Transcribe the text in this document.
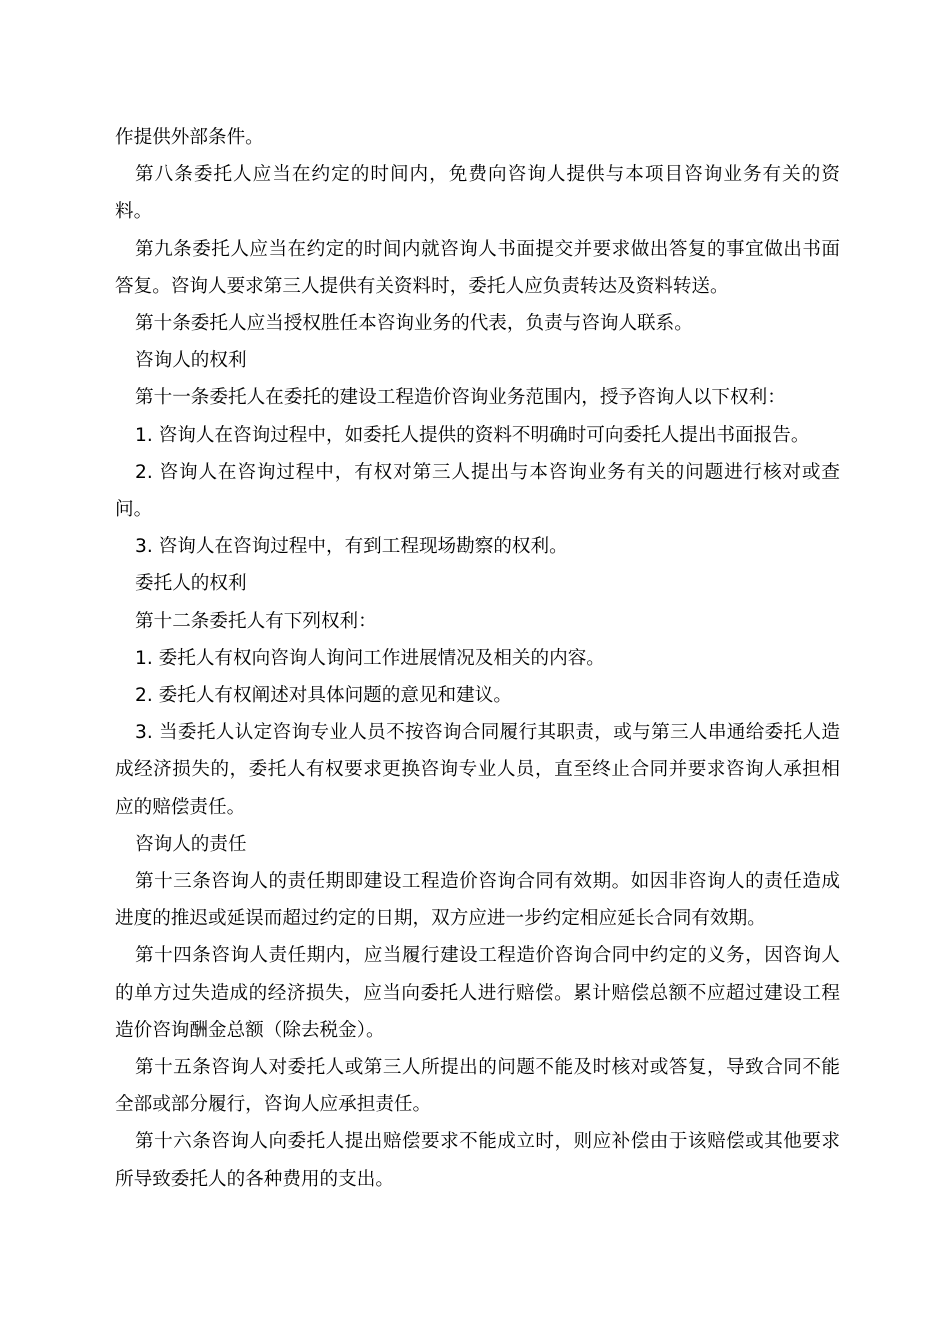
作提供外部条件。

第八条委托人应当在约定的时间内，免费向咨询人提供与本项目咨询业务有关的资料。

第九条委托人应当在约定的时间内就咨询人书面提交并要求做出答复的事宜做出书面答复。咨询人要求第三人提供有关资料时，委托人应负责转达及资料转送。

第十条委托人应当授权胜任本咨询业务的代表，负责与咨询人联系。

咨询人的权利

第十一条委托人在委托的建设工程造价咨询业务范围内，授予咨询人以下权利：

1. 咨询人在咨询过程中，如委托人提供的资料不明确时可向委托人提出书面报告。

2. 咨询人在咨询过程中，有权对第三人提出与本咨询业务有关的问题进行核对或查问。

3. 咨询人在咨询过程中，有到工程现场勘察的权利。

委托人的权利

第十二条委托人有下列权利：

1. 委托人有权向咨询人询问工作进展情况及相关的内容。

2. 委托人有权阐述对具体问题的意见和建议。

3. 当委托人认定咨询专业人员不按咨询合同履行其职责，或与第三人串通给委托人造成经济损失的，委托人有权要求更换咨询专业人员，直至终止合同并要求咨询人承担相应的赔偿责任。

咨询人的责任

第十三条咨询人的责任期即建设工程造价咨询合同有效期。如因非咨询人的责任造成进度的推迟或延误而超过约定的日期，双方应进一步约定相应延长合同有效期。

第十四条咨询人责任期内，应当履行建设工程造价咨询合同中约定的义务，因咨询人的单方过失造成的经济损失，应当向委托人进行赔偿。累计赔偿总额不应超过建设工程造价咨询酬金总额（除去税金）。

第十五条咨询人对委托人或第三人所提出的问题不能及时核对或答复，导致合同不能全部或部分履行，咨询人应承担责任。

第十六条咨询人向委托人提出赔偿要求不能成立时，则应补偿由于该赔偿或其他要求所导致委托人的各种费用的支出。
